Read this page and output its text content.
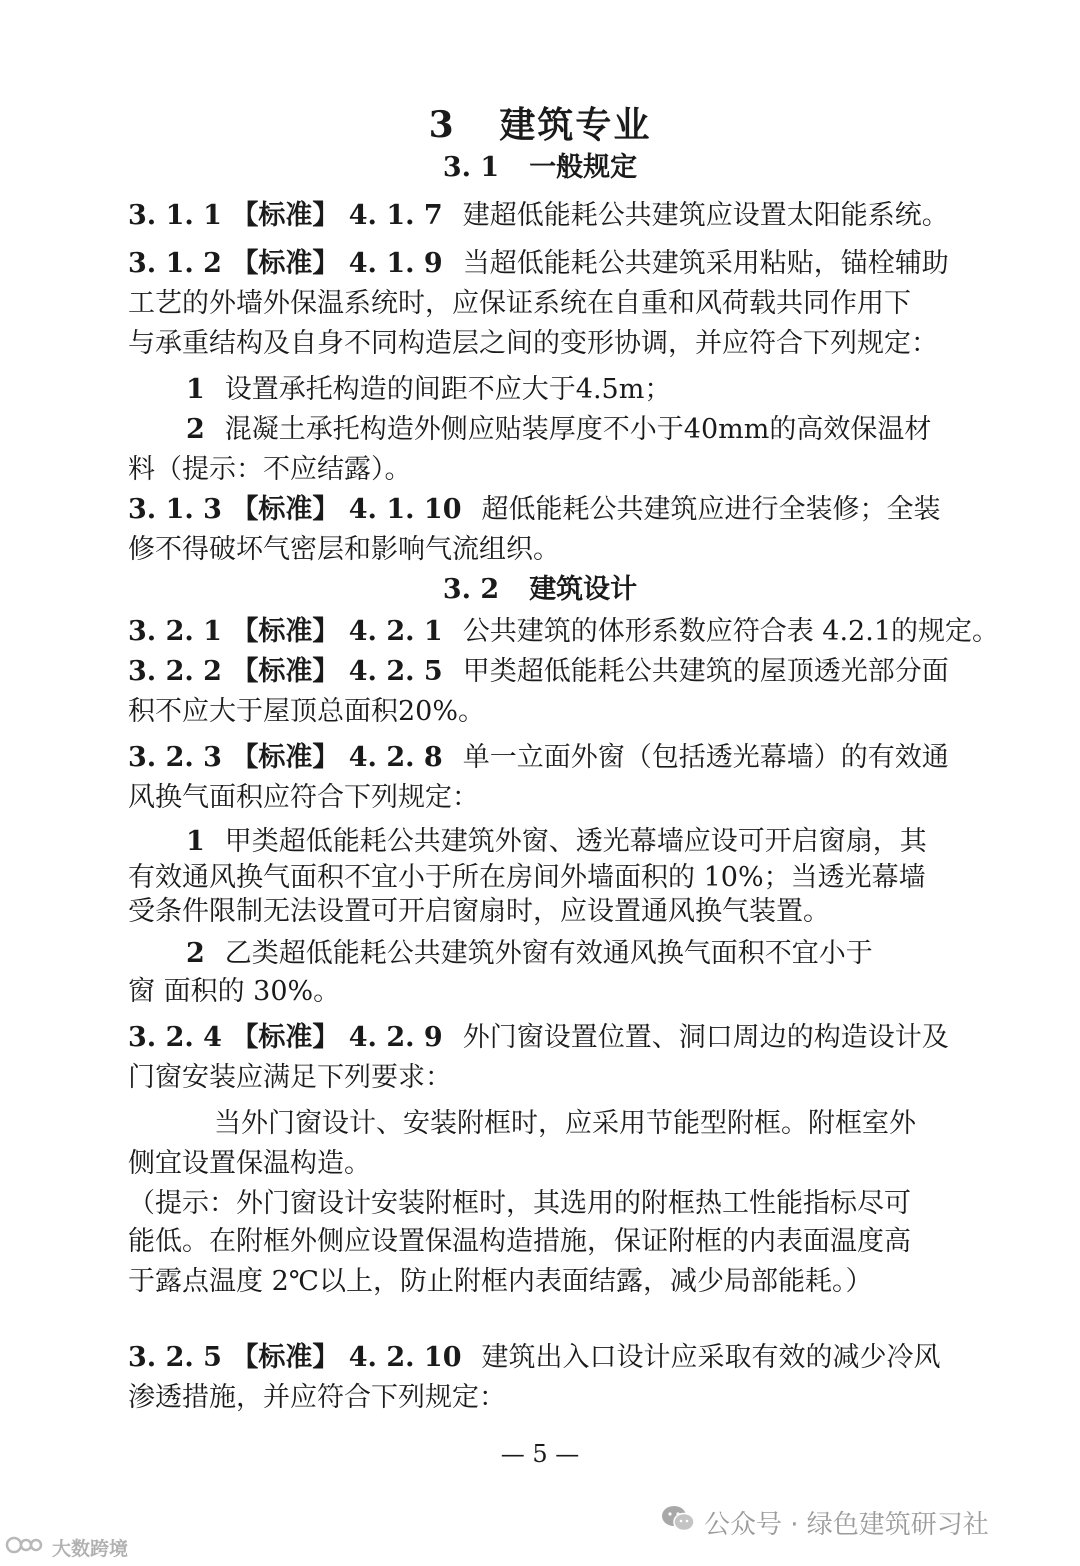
3 建筑专业
3. 1 一般规定
3. 1. 1 【标准】 4. 1. 7 建超低能耗公共建筑应设置太阳能系统。
3. 1. 2 【标准】 4. 1. 9 当超低能耗公共建筑采用粘贴，锚栓辅助
工艺的外墙外保温系统时，应保证系统在自重和风荷载共同作用下
与承重结构及自身不同构造层之间的变形协调，并应符合下列规定：
1 设置承托构造的间距不应大于4.5m；
2 混凝土承托构造外侧应贴装厚度不小于40mm的高效保温材
料（提示：不应结露）。
3. 1. 3 【标准】 4. 1. 10 超低能耗公共建筑应进行全装修；全装
修不得破坏气密层和影响气流组织。
3. 2 建筑设计
3. 2. 1 【标准】 4. 2. 1 公共建筑的体形系数应符合表 4.2.1的规定。
3. 2. 2 【标准】 4. 2. 5 甲类超低能耗公共建筑的屋顶透光部分面
积不应大于屋顶总面积20%。
3. 2. 3 【标准】 4. 2. 8 单一立面外窗（包括透光幕墙）的有效通
风换气面积应符合下列规定：
1 甲类超低能耗公共建筑外窗、透光幕墙应设可开启窗扇，其
有效通风换气面积不宜小于所在房间外墙面积的 10%；当透光幕墙
受条件限制无法设置可开启窗扇时，应设置通风换气装置。
2 乙类超低能耗公共建筑外窗有效通风换气面积不宜小于
窗 面积的 30%。
3. 2. 4 【标准】 4. 2. 9 外门窗设置位置、洞口周边的构造设计及
门窗安装应满足下列要求：
当外门窗设计、安装附框时，应采用节能型附框。附框室外
侧宜设置保温构造。
（提示：外门窗设计安装附框时，其选用的附框热工性能指标尽可
能低。在附框外侧应设置保温构造措施，保证附框的内表面温度高
于露点温度 2℃以上，防止附框内表面结露，减少局部能耗。）
3. 2. 5 【标准】 4. 2. 10 建筑出入口设计应采取有效的减少冷风
渗透措施，并应符合下列规定：
— 5 —
公众号 · 绿色建筑研习社
大数跨境
